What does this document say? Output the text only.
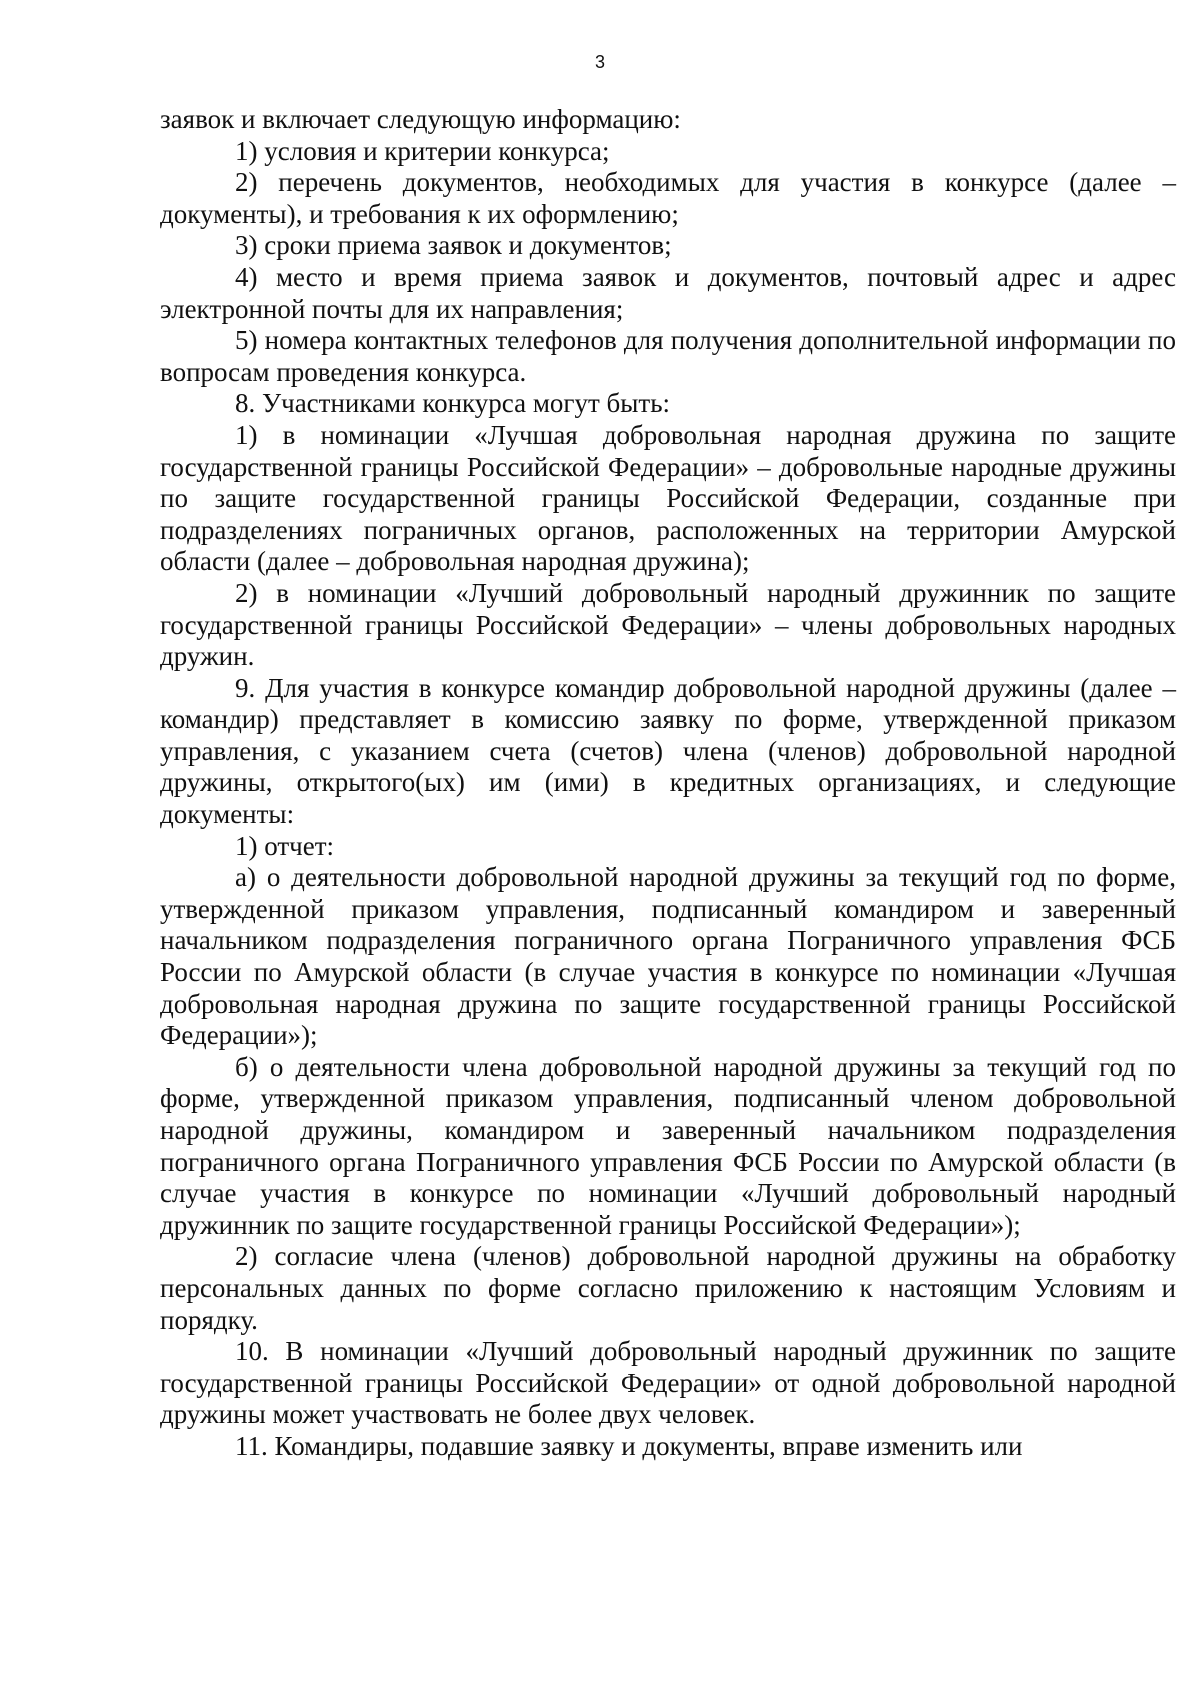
3

заявок и включает следующую информацию:

1) условия и критерии конкурса;

2) перечень документов, необходимых для участия в конкурсе (далее – документы), и требования к их оформлению;

3) сроки приема заявок и документов;

4) место и время приема заявок и документов, почтовый адрес и адрес электронной почты для их направления;

5) номера контактных телефонов для получения дополнительной информации по вопросам проведения конкурса.

8. Участниками конкурса могут быть:

1) в номинации «Лучшая добровольная народная дружина по защите государственной границы Российской Федерации» – добровольные народные дружины по защите государственной границы Российской Федерации, созданные при подразделениях пограничных органов, расположенных на территории Амурской области (далее – добровольная народная дружина);

2) в номинации «Лучший добровольный народный дружинник по защите государственной границы Российской Федерации» – члены добровольных народных дружин.

9. Для участия в конкурсе командир добровольной народной дружины (далее – командир) представляет в комиссию заявку по форме, утвержденной приказом управления, с указанием счета (счетов) члена (членов) добровольной народной дружины, открытого(ых) им (ими) в кредитных организациях, и следующие документы:

1) отчет:

а) о деятельности добровольной народной дружины за текущий год по форме, утвержденной приказом управления, подписанный командиром и заверенный начальником подразделения пограничного органа Пограничного управления ФСБ России по Амурской области (в случае участия в конкурсе по номинации «Лучшая добровольная народная дружина по защите государственной границы Российской Федерации»);

б) о деятельности члена добровольной народной дружины за текущий год по форме, утвержденной приказом управления, подписанный членом добровольной народной дружины, командиром и заверенный начальником подразделения пограничного органа Пограничного управления ФСБ России по Амурской области (в случае участия в конкурсе по номинации «Лучший добровольный народный дружинник по защите государственной границы Российской Федерации»);

2) согласие члена (членов) добровольной народной дружины на обработку персональных данных по форме согласно приложению к настоящим Условиям и порядку.

10. В номинации «Лучший добровольный народный дружинник по защите государственной границы Российской Федерации» от одной добровольной народной дружины может участвовать не более двух человек.

11. Командиры, подавшие заявку и документы, вправе изменить или
